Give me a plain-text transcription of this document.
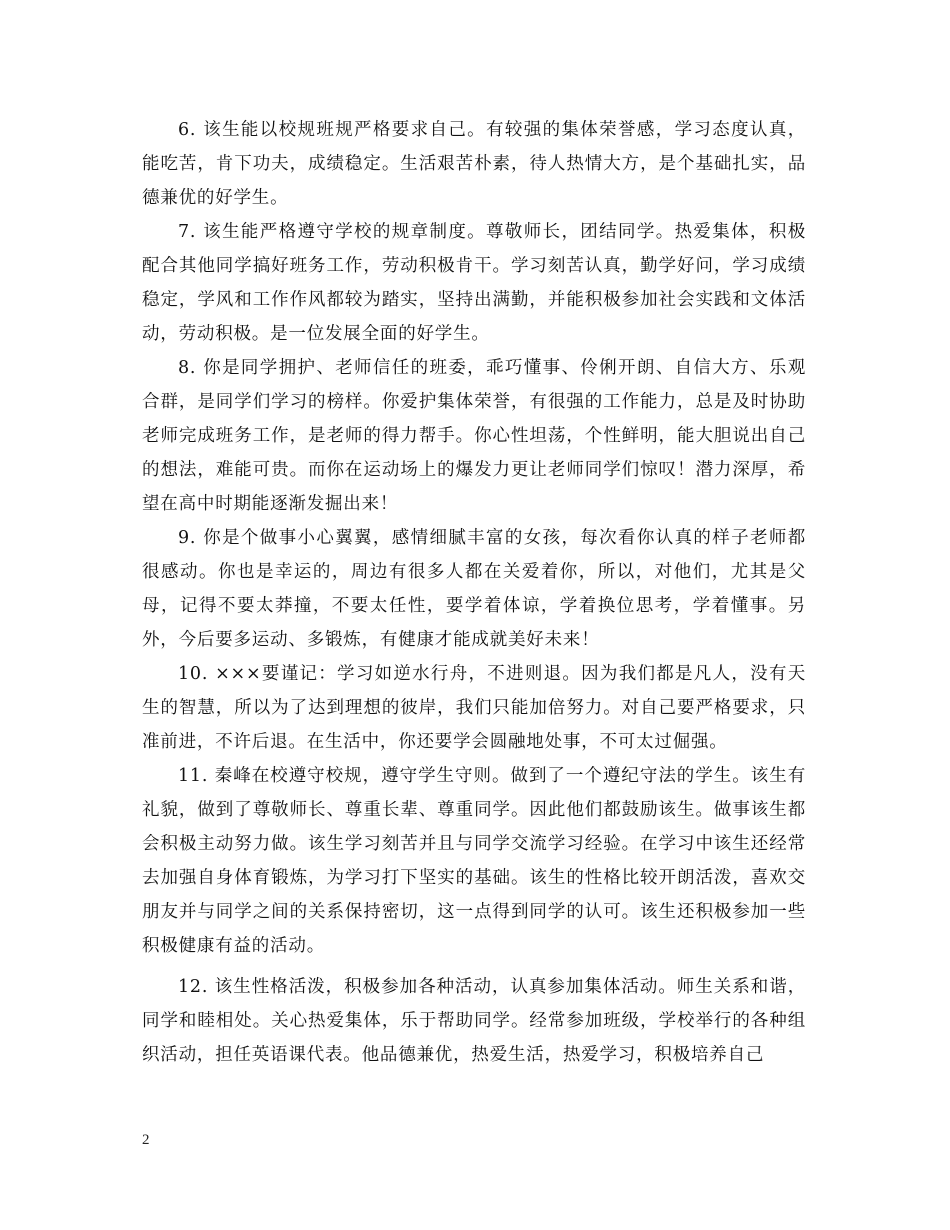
6. 该生能以校规班规严格要求自己。有较强的集体荣誉感，学习态度认真，能吃苦，肯下功夫，成绩稳定。生活艰苦朴素，待人热情大方，是个基础扎实，品德兼优的好学生。

7. 该生能严格遵守学校的规章制度。尊敬师长，团结同学。热爱集体，积极配合其他同学搞好班务工作，劳动积极肯干。学习刻苦认真，勤学好问，学习成绩稳定，学风和工作作风都较为踏实，坚持出满勤，并能积极参加社会实践和文体活动，劳动积极。是一位发展全面的好学生。

8. 你是同学拥护、老师信任的班委，乖巧懂事、伶俐开朗、自信大方、乐观合群，是同学们学习的榜样。你爱护集体荣誉，有很强的工作能力，总是及时协助老师完成班务工作，是老师的得力帮手。你心性坦荡，个性鲜明，能大胆说出自己的想法，难能可贵。而你在运动场上的爆发力更让老师同学们惊叹！潜力深厚，希望在高中时期能逐渐发掘出来！

9. 你是个做事小心翼翼，感情细腻丰富的女孩，每次看你认真的样子老师都很感动。你也是幸运的，周边有很多人都在关爱着你，所以，对他们，尤其是父母，记得不要太莽撞，不要太任性，要学着体谅，学着换位思考，学着懂事。另外，今后要多运动、多锻炼，有健康才能成就美好未来！

10. ×××要谨记：学习如逆水行舟，不进则退。因为我们都是凡人，没有天生的智慧，所以为了达到理想的彼岸，我们只能加倍努力。对自己要严格要求，只准前进，不许后退。在生活中，你还要学会圆融地处事，不可太过倔强。

11. 秦峰在校遵守校规，遵守学生守则。做到了一个遵纪守法的学生。该生有礼貌，做到了尊敬师长、尊重长辈、尊重同学。因此他们都鼓励该生。做事该生都会积极主动努力做。该生学习刻苦并且与同学交流学习经验。在学习中该生还经常去加强自身体育锻炼，为学习打下坚实的基础。该生的性格比较开朗活泼，喜欢交朋友并与同学之间的关系保持密切，这一点得到同学的认可。该生还积极参加一些积极健康有益的活动。

12. 该生性格活泼，积极参加各种活动，认真参加集体活动。师生关系和谐，同学和睦相处。关心热爱集体，乐于帮助同学。经常参加班级，学校举行的各种组织活动，担任英语课代表。他品德兼优，热爱生活，热爱学习，积极培养自己

2
